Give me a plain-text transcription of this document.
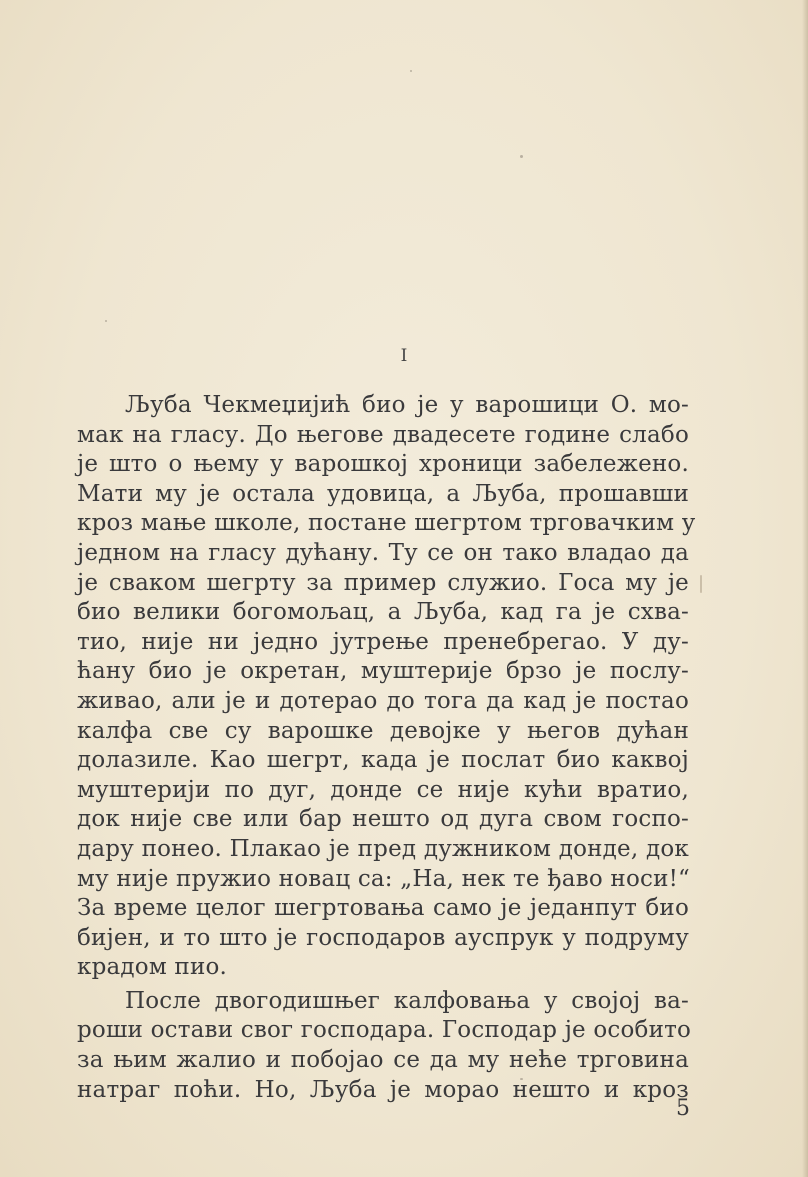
I
Љуба Чекмеџијић био је у варошици О. мо-
мак на гласу. До његове двадесете године слабо
је што о њему у варошкој хроници забележено.
Мати му је остала удовица, а Љуба, прошавши
кроз мање школе, постане шегртом трговачким у
једном на гласу дућану. Ту се он тако владао да
је сваком шегрту за пример служио. Госа му је
био велики богомољац, а Љуба, кад га је схва-
тио, није ни једно јутрење пренебрегао. У ду-
ћану био је окретан, муштерије брзо је послу-
живао, али је и дотерао до тога да кад је постао
калфа све су варошке девојке у његов дућан
долазиле. Као шегрт, када је послат био каквој
муштерији по дуг, донде се није кући вратио,
док није све или бар нешто од дуга свом госпо-
дару понео. Плакао је пред дужником донде, док
му није пружио новац са: „На, нек те ђаво носи!“
За време целог шегртовања само је једанпут био
бијен, и то што је господаров ауспрук у подруму
крадом пио.
После двогодишњег калфовања у својој ва-
роши остави свог господара. Господар је особито
за њим жалио и побојао се да му неће трговина
натраг поћи. Но, Љуба је морао нешто и кроз
5
